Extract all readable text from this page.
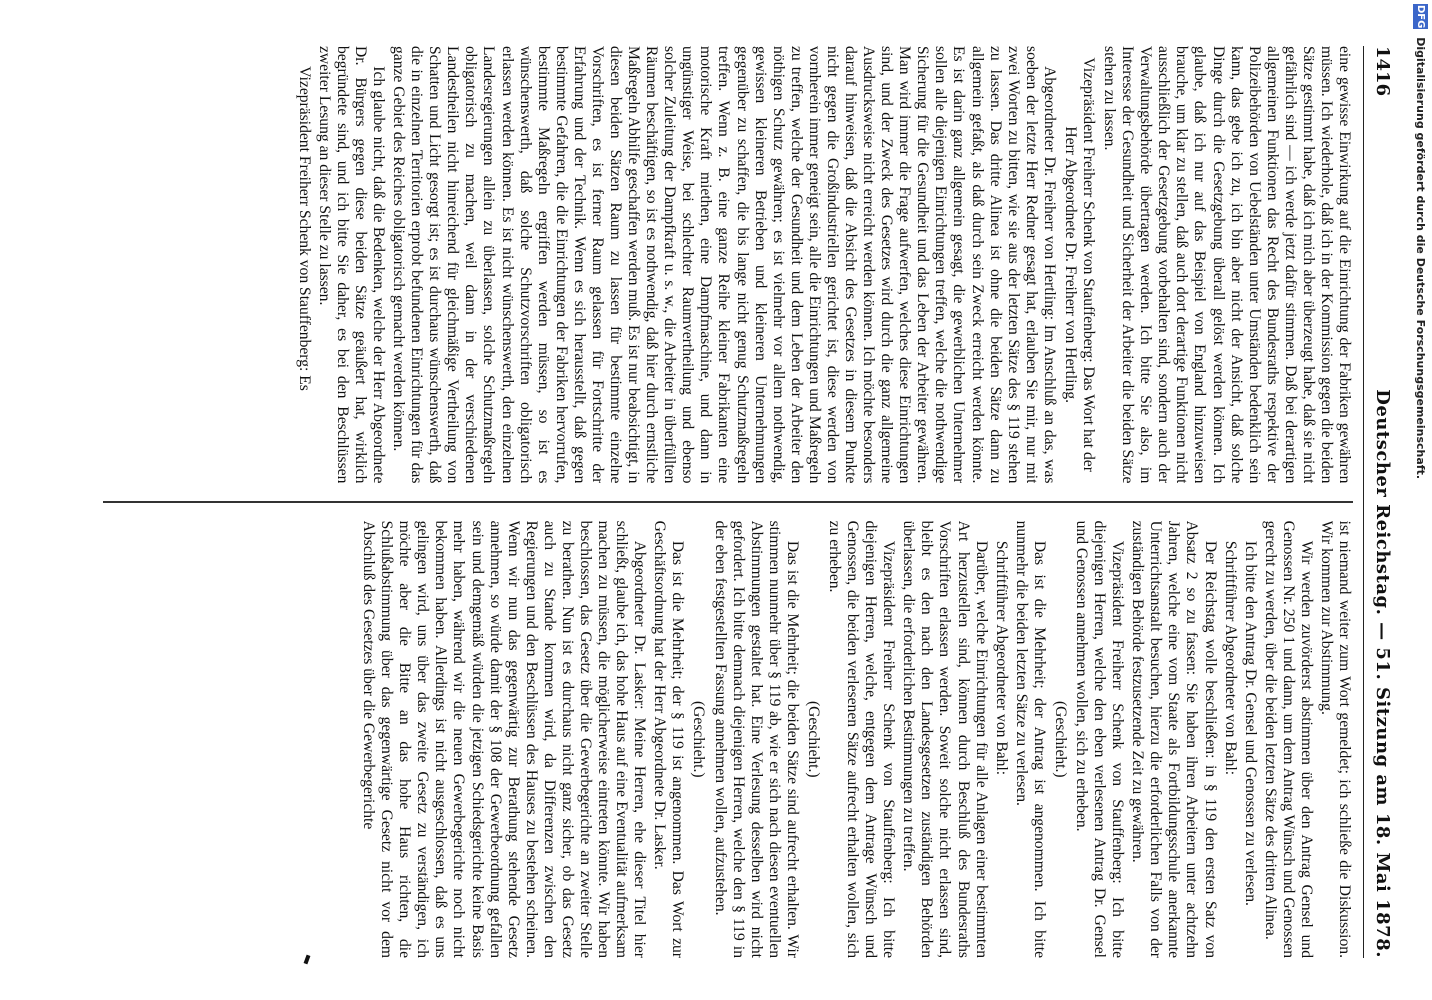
1416
Deutscher Reichstag. — 51. Sitzung am 18. Mai 1878.

eine gewisse Einwirkung auf die Einrichtung der Fabriken gewähren müssen. Ich wiederhole, daß ich in der Kommission gegen die beiden Sätze gestimmt habe, daß ich mich aber überzeugt habe, daß sie nicht gefährlich sind — ich werde jetzt dafür stimmen. Daß bei derartigen allgemeinen Funktionen das Recht des Bundesraths respektive der Polizeibehörden von Uebelständen unter Umständen bedenklich sein kann, das gebe ich zu, ich bin aber nicht der Ansicht, daß solche Dinge durch die Gesetzgebung überall gelöst werden können. Ich glaube, daß ich nur auf das Beispiel von England hinzuweisen brauche, um klar zu stellen, daß auch dort derartige Funktionen nicht ausschließlich der Gesetzgebung vorbehalten sind, sondern auch der Verwaltungsbehörde übertragen werden. Ich bitte Sie also, im Interesse der Gesundheit und Sicherheit der Arbeiter die beiden Sätze stehen zu lassen.

Vizepräsident Freiherr Schenk von Stauffenberg: Das Wort hat der Herr Abgeordnete Dr. Freiherr von Hertling.

Abgeordneter Dr. Freiherr von Hertling: Im Anschluß an das, was soeben der letzte Herr Redner gesagt hat, erlauben Sie mir, nur mit zwei Worten zu bitten, wie sie aus der letzten Sätze des § 119 stehen zu lassen. Das dritte Alinea ist ohne die beiden Sätze dann zu allgemein gefaßt, als daß durch sein Zweck erreicht werden könnte. Es ist darin ganz allgemein gesagt, die gewerblichen Unternehmer sollen alle diejenigen Einrichtungen treffen, welche die nothwendige Sicherung für die Gesundheit und das Leben der Arbeiter gewähren. Man wird immer die Frage aufwerfen, welches diese Einrichtungen sind, und der Zweck des Gesetzes wird durch die ganz allgemeine Ausdrucksweise nicht erreicht werden können. Ich möchte besonders darauf hinweisen, daß die Absicht des Gesetzes in diesem Punkte nicht gegen die Großindustriellen gerichtet ist, diese werden von vornherein immer geneigt sein, alle die Einrichtungen und Maßregeln zu treffen, welche der Gesundheit und dem Leben der Arbeiter den nöthigen Schutz gewähren; es ist vielmehr vor allem nothwendig, gewissen kleineren Betrieben und kleineren Unternehmungen gegenüber zu schaffen, die bis lange nicht genug Schutzmaßregeln treffen. Wenn z. B. eine ganze Reihe kleiner Fabrikanten eine motorische Kraft miethen, eine Dampfmaschine, und dann in ungünstiger Weise, bei schlechter Raumvertheilung und ebenso solcher Zuleitung der Dampfkraft u. s. w., die Arbeiter in überfüllten Räumen beschäftigen, so ist es nothwendig, daß hier durch ernstliche Maßregeln Abhilfe geschaffen werden muß. Es ist nur beabsichtigt, in diesen beiden Sätzen Raum zu lassen für bestimmte einzelne Vorschriften, es ist ferner Raum gelassen für Fortschritte der Erfahrung und der Technik. Wenn es sich herausstellt, daß gegen bestimmte Gefahren, die die Einrichtungen der Fabriken hervorrufen, bestimmte Maßregeln ergriffen werden müssen, so ist es wünschenswerth, daß solche Schutzvorschriften obligatorisch erlassen werden können. Es ist nicht wünschenswerth, den einzelnen Landesregierungen allein zu überlassen, solche Schutzmaßregeln obligatorisch zu machen, weil dann in der verschiedenen Landestheilen nicht hinreichend für gleichmäßige Vertheilung von Schatten und Licht gesorgt ist; es ist durchaus wünschenswerth, daß die in einzelnen Territorien erprobt befundenen Einrichtungen für das ganze Gebiet des Reiches obligatorisch gemacht werden können.

Ich glaube nicht, daß die Bedenken, welche der Herr Abgeordnete Dr. Bürgers gegen diese beiden Sätze geäußert hat, wirklich begründete sind, und ich bitte Sie daher, es bei den Beschlüssen zweiter Lesung an dieser Stelle zu lassen.

Vizepräsident Freiherr Schenk von Stauffenberg: Es

ist niemand weiter zum Wort gemeldet; ich schließe die Diskussion. Wir kommen zur Abstimmung.

Wir werden zuvörderst abstimmen über den Antrag Gensel und Genossen Nr. 250 1 und dann, um dem Antrag Wünsch und Genossen gerecht zu werden, über die beiden letzten Sätze des dritten Alinea.

Ich bitte den Antrag Dr. Gensel und Genossen zu verlesen.

Schriftführer Abgeordneter von Bahl:

Der Reichstag wolle beschließen: in § 119 den ersten Satz von Absatz 2 so zu fassen: Sie haben ihren Arbeitern unter achtzehn Jahren, welche eine vom Staate als Fortbildungsschule anerkannte Unterrichtsanstalt besuchen, hierzu die erforderlichen Falls von der zuständigen Behörde festzusetzende Zeit zu gewähren.

Vizepräsident Freiherr Schenk von Stauffenberg: Ich bitte diejenigen Herren, welche den eben verlesenen Antrag Dr. Gensel und Genossen annehmen wollen, sich zu erheben.

(Geschieht.)

Das ist die Mehrheit; der Antrag ist angenommen. Ich bitte nunmehr die beiden letzten Sätze zu verlesen.

Schriftführer Abgeordneter von Bahl:

Darüber, welche Einrichtungen für alle Anlagen einer bestimmten Art herzustellen sind, können durch Beschluß des Bundesraths Vorschriften erlassen werden. Soweit solche nicht erlassen sind, bleibt es den nach den Landesgesetzen zuständigen Behörden überlassen, die erforderlichen Bestimmungen zu treffen.

Vizepräsident Freiherr Schenk von Stauffenberg: Ich bitte diejenigen Herren, welche, entgegen dem Antrage Wünsch und Genossen, die beiden verlesenen Sätze aufrecht erhalten wollen, sich zu erheben.

(Geschieht.)

Das ist die Mehrheit; die beiden Sätze sind aufrecht erhalten. Wir stimmen nunmehr über § 119 ab, wie er sich nach diesen eventuellen Abstimmungen gestaltet hat. Eine Verlesung desselben wird nicht gefordert. Ich bitte demnach diejenigen Herren, welche den § 119 in der eben festgestellten Fassung annehmen wollen, aufzustehen.

(Geschieht.)

Das ist die Mehrheit; der § 119 ist angenommen. Das Wort zur Geschäftsordnung hat der Herr Abgeordnete Dr. Lasker.

Abgeordneter Dr. Lasker: Meine Herren, ehe dieser Titel hier schließt, glaube ich, das hohe Haus auf eine Eventualität aufmerksam machen zu müssen, die möglicherweise eintreten könnte. Wir haben beschlossen, das Gesetz über die Gewerbegerichte an zweiter Stelle zu berathen. Nun ist es durchaus nicht ganz sicher, ob das Gesetz auch zu Stande kommen wird, da Differenzen zwischen den Regierungen und den Beschlüssen des Hauses zu bestehen scheinen. Wenn wir nun das gegenwärtig zur Berathung stehende Gesetz annehmen, so würde damit der § 108 der Gewerbeordnung gefallen sein und demgemäß würden die jetzigen Schiedsgerichte keine Basis mehr haben, während wir die neuen Gewerbegerichte noch nicht bekommen haben. Allerdings ist nicht ausgeschlossen, daß es uns gelingen wird, uns über das zweite Gesetz zu verständigen, ich möchte aber die Bitte an das hohe Haus richten, die Schlußabstimmung über das gegenwärtige Gesetz nicht vor dem Abschluß des Gesetzes über die Gewerbegerichte

DFG Digitalisierung gefördert durch die Deutsche Forschungsgemeinschaft.
